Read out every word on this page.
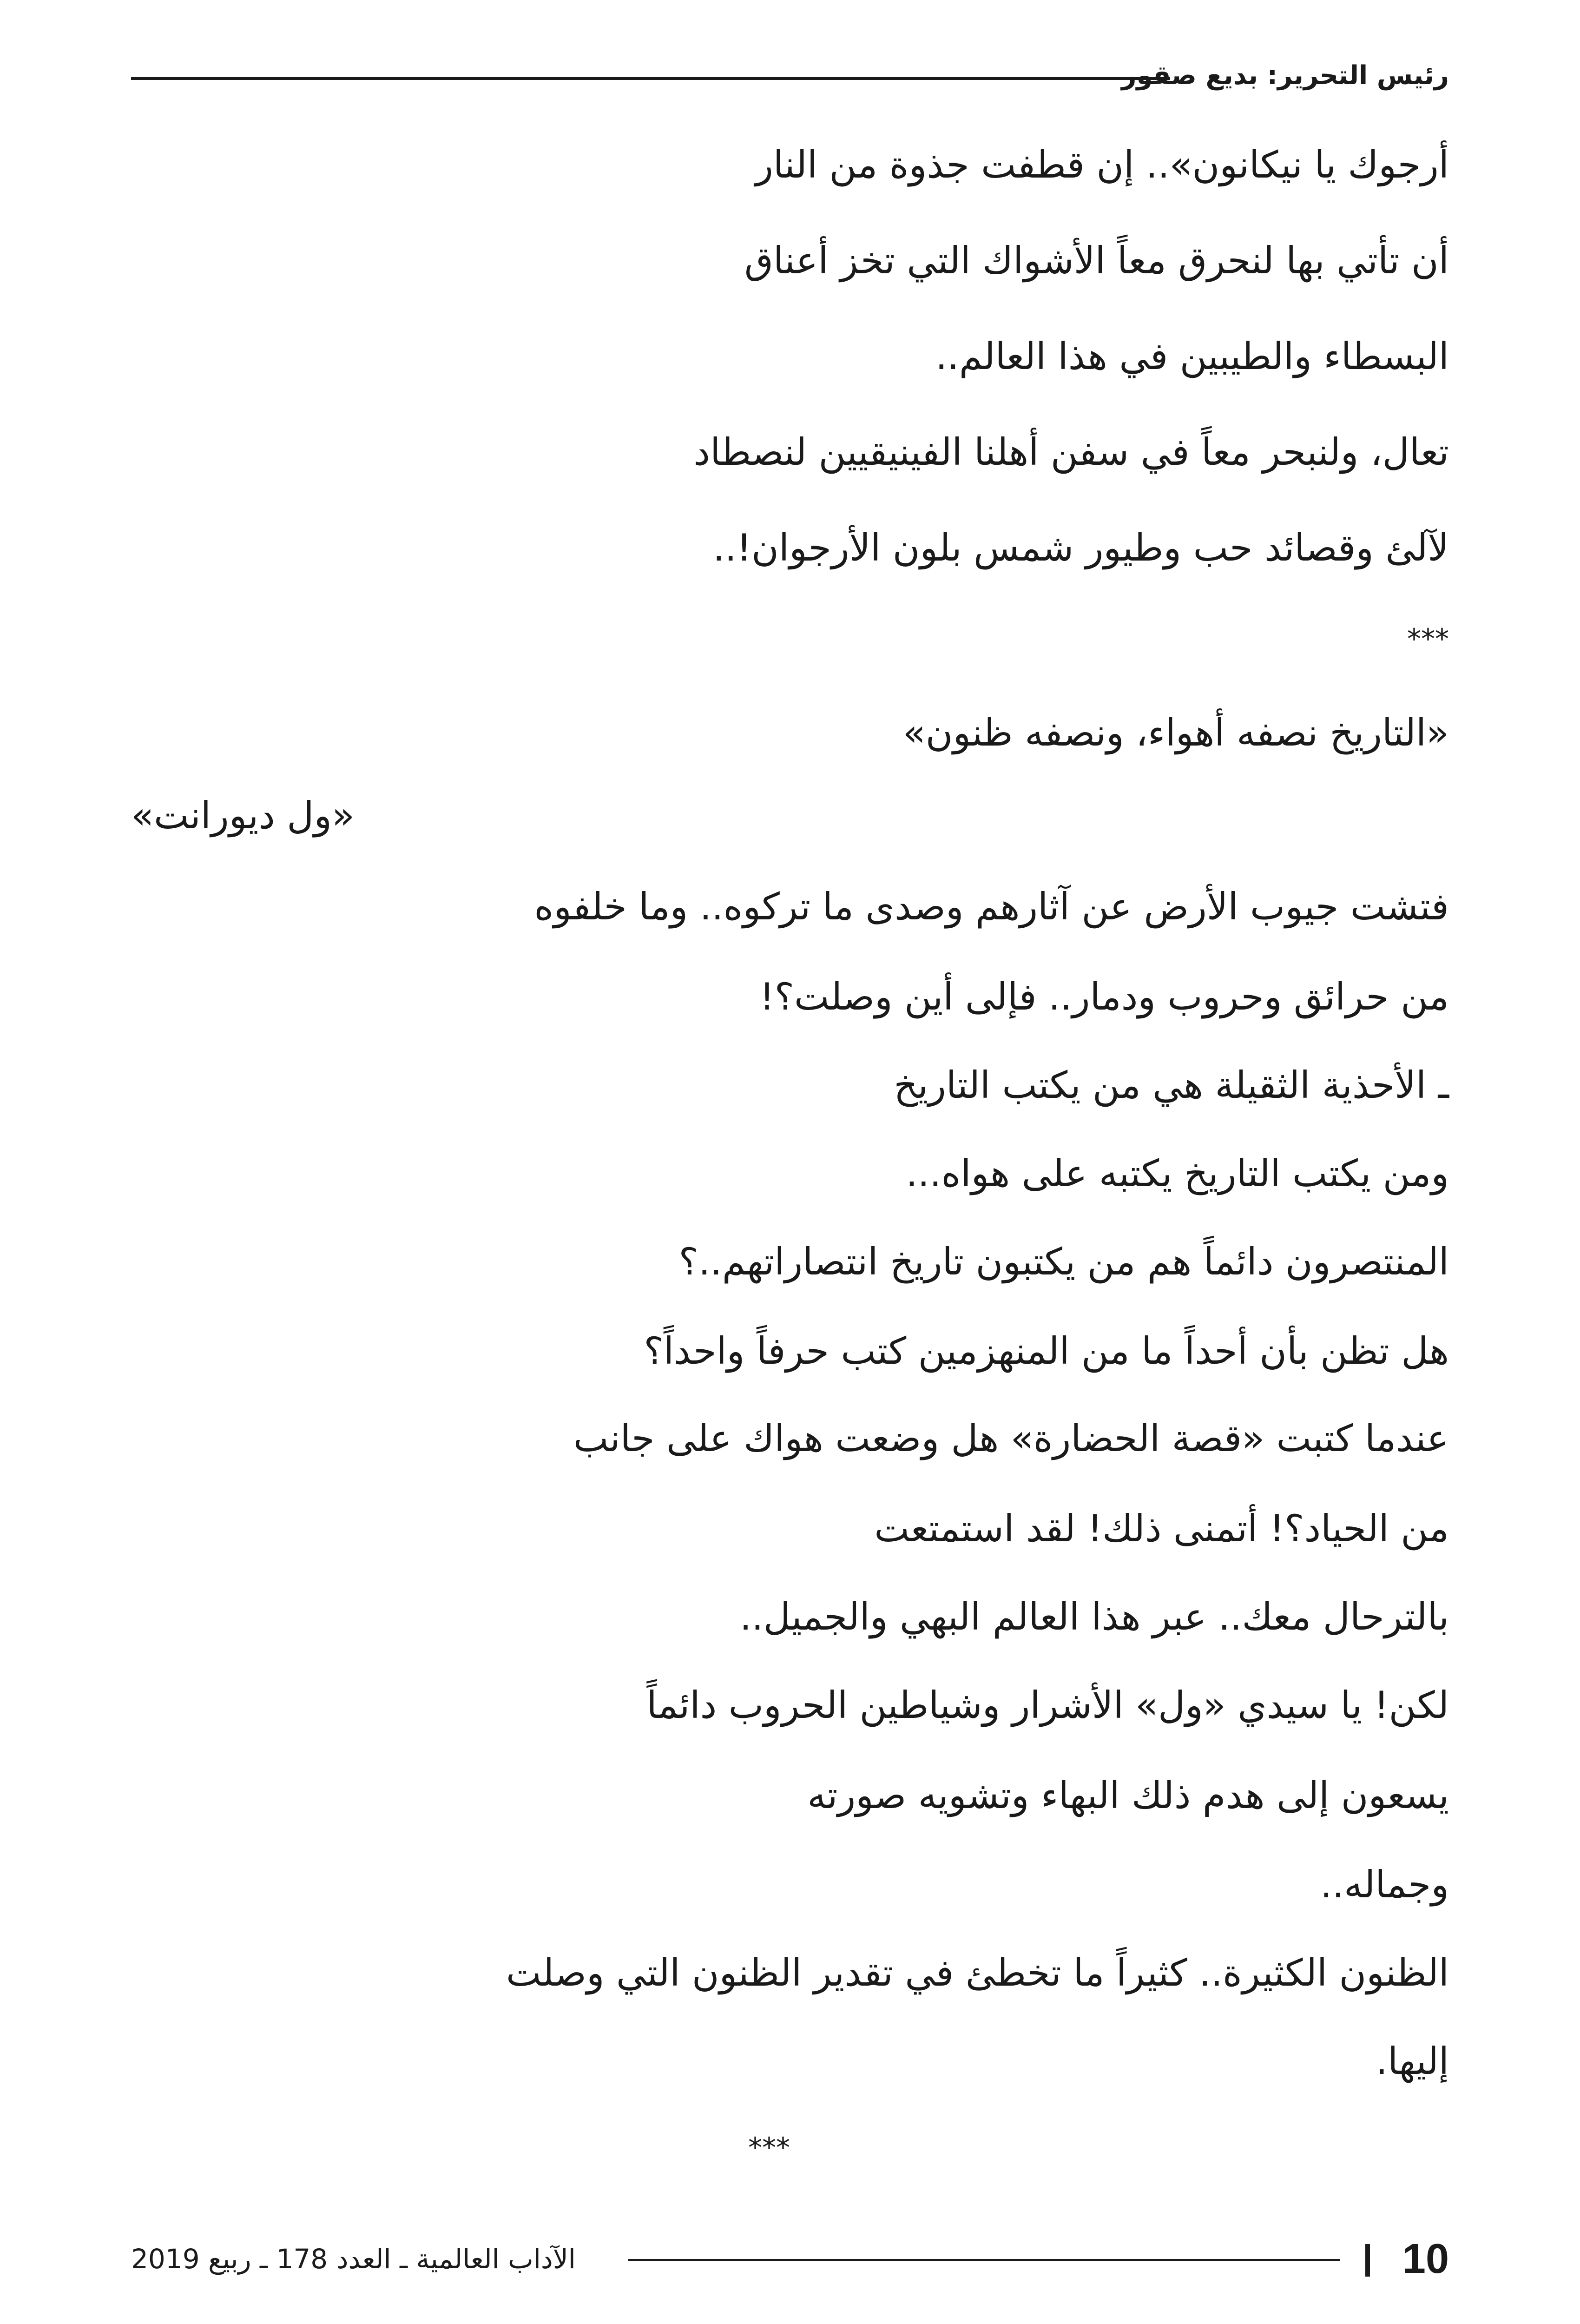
رئيس التحرير: بديع صقور
أرجوك يا نيكانون».. إن قطفت جذوة من النار
أن تأتي بها لنحرق معاً الأشواك التي تخز أعناق
البسطاء والطيبين في هذا العالم..
تعال، ولنبحر معاً في سفن أهلنا الفينيقيين لنصطاد
لآلئ وقصائد حب وطيور شمس بلون الأرجوان!..
***
«التاريخ نصفه أهواء، ونصفه ظنون»
«ول ديورانت»
فتشت جيوب الأرض عن آثارهم وصدى ما تركوه.. وما خلفوه
من حرائق وحروب ودمار.. فإلى أين وصلت؟!
ـ الأحذية الثقيلة هي من يكتب التاريخ
ومن يكتب التاريخ يكتبه على هواه...
المنتصرون دائماً هم من يكتبون تاريخ انتصاراتهم..؟
هل تظن بأن أحداً ما من المنهزمين كتب حرفاً واحداً؟
عندما كتبت «قصة الحضارة» هل وضعت هواك على جانب
من الحياد؟! أتمنى ذلك! لقد استمتعت
بالترحال معك.. عبر هذا العالم البهي والجميل..
لكن! يا سيدي «ول» الأشرار وشياطين الحروب دائماً
يسعون إلى هدم ذلك البهاء وتشويه صورته
وجماله..
الظنون الكثيرة.. كثيراً ما تخطئ في تقدير الظنون التي وصلت
إليها.
***
10
الآداب العالمية ـ العدد 178 ـ ربيع 2019
